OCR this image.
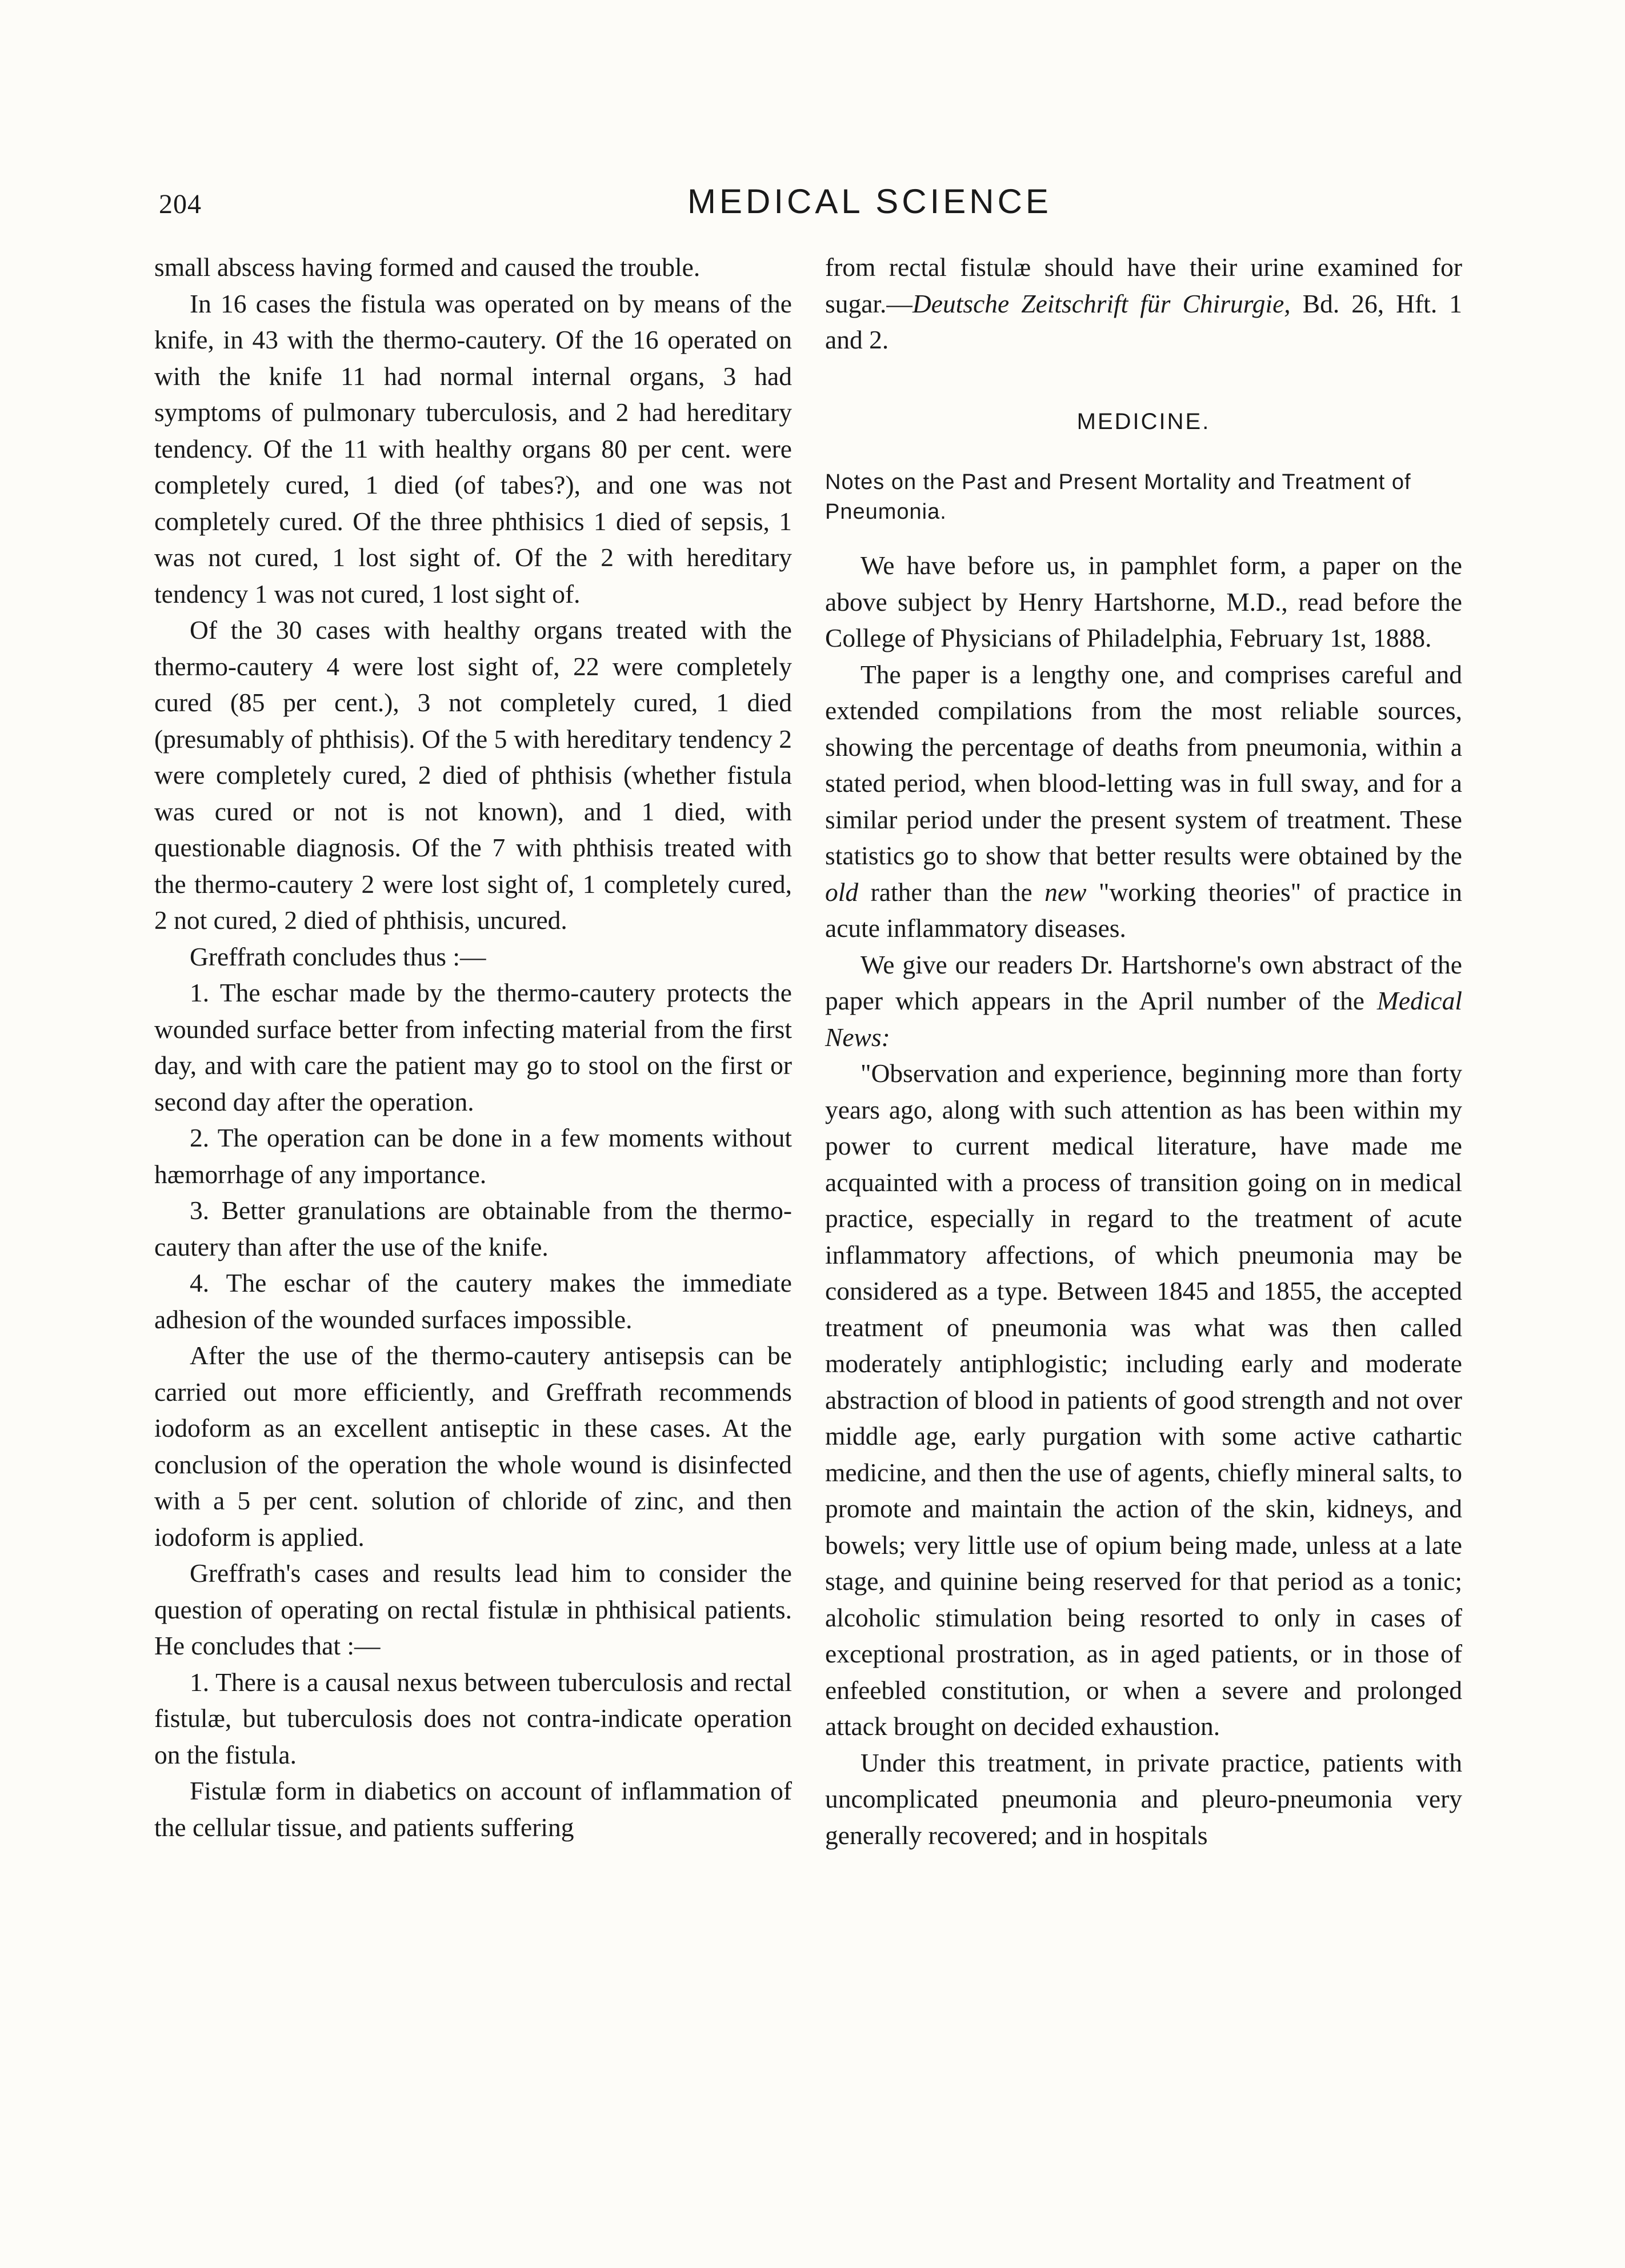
204	MEDICAL SCIENCE

small abscess having formed and caused the trouble.

In 16 cases the fistula was operated on by means of the knife, in 43 with the thermo-cautery. Of the 16 operated on with the knife 11 had normal internal organs, 3 had symptoms of pulmonary tuberculosis, and 2 had hereditary tendency. Of the 11 with healthy organs 80 per cent. were completely cured, 1 died (of tabes?), and one was not completely cured. Of the three phthisics 1 died of sepsis, 1 was not cured, 1 lost sight of. Of the 2 with hereditary tendency 1 was not cured, 1 lost sight of.

Of the 30 cases with healthy organs treated with the thermo-cautery 4 were lost sight of, 22 were completely cured (85 per cent.), 3 not completely cured, 1 died (presumably of phthisis). Of the 5 with hereditary tendency 2 were completely cured, 2 died of phthisis (whether fistula was cured or not is not known), and 1 died, with questionable diagnosis. Of the 7 with phthisis treated with the thermo-cautery 2 were lost sight of, 1 completely cured, 2 not cured, 2 died of phthisis, uncured.

Greffrath concludes thus :—

1. The eschar made by the thermo-cautery protects the wounded surface better from infecting material from the first day, and with care the patient may go to stool on the first or second day after the operation.

2. The operation can be done in a few moments without hæmorrhage of any importance.

3. Better granulations are obtainable from the thermo-cautery than after the use of the knife.

4. The eschar of the cautery makes the immediate adhesion of the wounded surfaces impossible.

After the use of the thermo-cautery antisepsis can be carried out more efficiently, and Greffrath recommends iodoform as an excellent antiseptic in these cases. At the conclusion of the operation the whole wound is disinfected with a 5 per cent. solution of chloride of zinc, and then iodoform is applied.

Greffrath's cases and results lead him to consider the question of operating on rectal fistulæ in phthisical patients. He concludes that :—

1. There is a causal nexus between tuberculosis and rectal fistulæ, but tuberculosis does not contra-indicate operation on the fistula.

Fistulæ form in diabetics on account of inflammation of the cellular tissue, and patients suffering

from rectal fistulæ should have their urine examined for sugar.—Deutsche Zeitschrift für Chirurgie, Bd. 26, Hft. 1 and 2.

MEDICINE.
Notes on the Past and Present Mortality and Treatment of Pneumonia.

We have before us, in pamphlet form, a paper on the above subject by Henry Hartshorne, M.D., read before the College of Physicians of Philadelphia, February 1st, 1888.

The paper is a lengthy one, and comprises careful and extended compilations from the most reliable sources, showing the percentage of deaths from pneumonia, within a stated period, when blood-letting was in full sway, and for a similar period under the present system of treatment. These statistics go to show that better results were obtained by the old rather than the new "working theories" of practice in acute inflammatory diseases.

We give our readers Dr. Hartshorne's own abstract of the paper which appears in the April number of the Medical News:

"Observation and experience, beginning more than forty years ago, along with such attention as has been within my power to current medical literature, have made me acquainted with a process of transition going on in medical practice, especially in regard to the treatment of acute inflammatory affections, of which pneumonia may be considered as a type. Between 1845 and 1855, the accepted treatment of pneumonia was what was then called moderately antiphlogistic; including early and moderate abstraction of blood in patients of good strength and not over middle age, early purgation with some active cathartic medicine, and then the use of agents, chiefly mineral salts, to promote and maintain the action of the skin, kidneys, and bowels; very little use of opium being made, unless at a late stage, and quinine being reserved for that period as a tonic; alcoholic stimulation being resorted to only in cases of exceptional prostration, as in aged patients, or in those of enfeebled constitution, or when a severe and prolonged attack brought on decided exhaustion.

Under this treatment, in private practice, patients with uncomplicated pneumonia and pleuro-pneumonia very generally recovered; and in hospitals
